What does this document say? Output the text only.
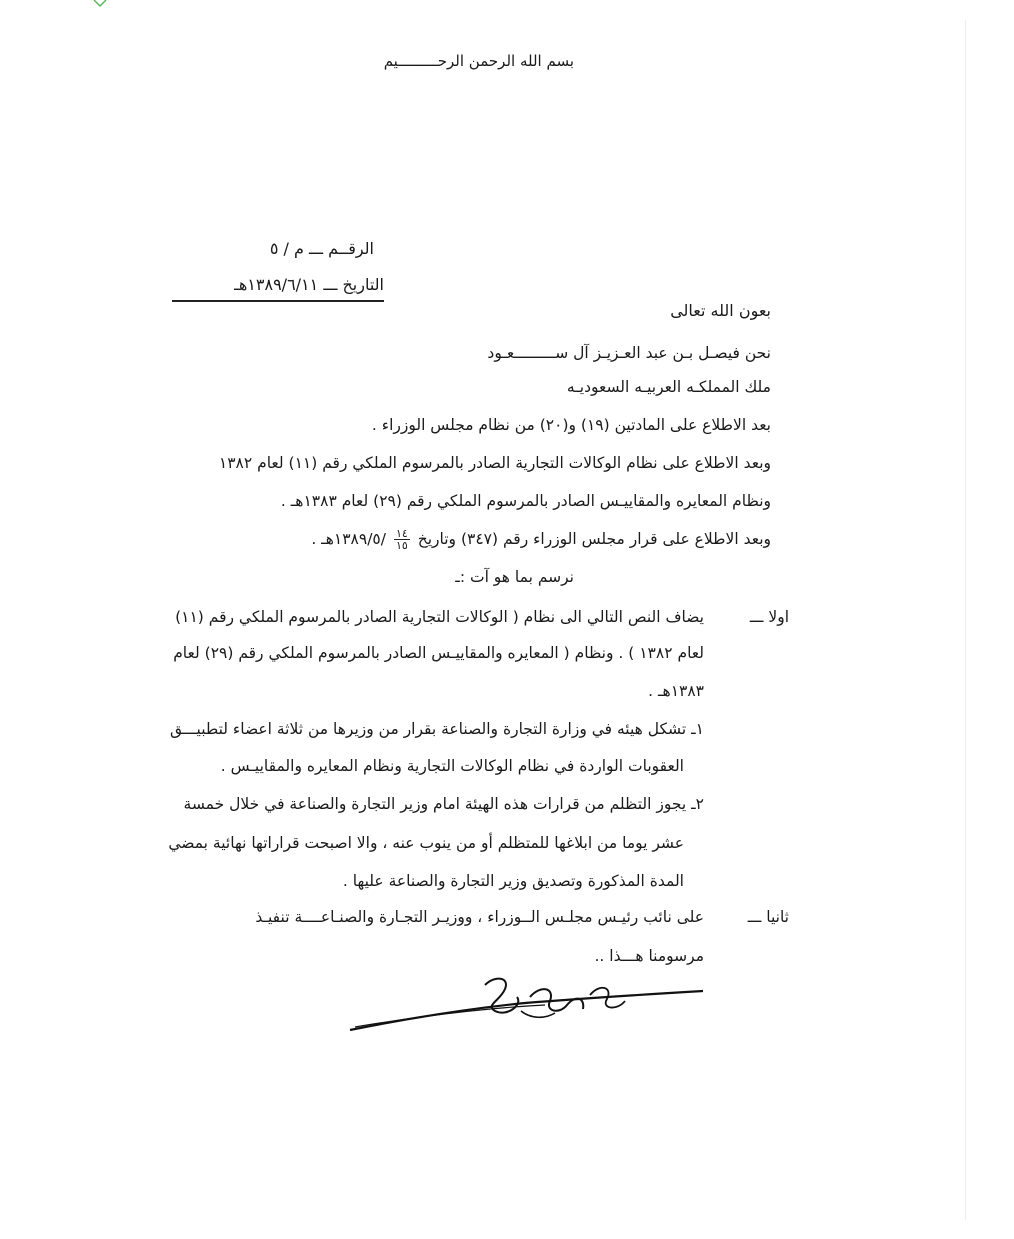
بسم الله الرحمن الرحـــــــــيم
الرقــم ـــ م / ٥
التاريخ ـــ ١٣٨٩/٦/١١هـ
بعون الله تعالى
نحن فيصـل بـن عبد العـزيـز آل ســـــــــعـود
ملك المملكـه العربيـه السعوديـه
بعد الاطلاع على المادتين (١٩) و(٢٠) من نظام مجلس الوزراء .
وبعد الاطلاع على نظام الوكالات التجارية الصادر بالمرسوم الملكي رقم (١١) لعام ١٣٨٢
ونظام المعايره والمقاييـس الصادر بالمرسوم الملكي رقم (٢٩) لعام ١٣٨٣هـ .
وبعد الاطلاع على قرار مجلس الوزراء رقم (٣٤٧) وتاريخ
$\frac{١٤}{١٥}$
/١٣٨٩/٥هـ .
نرسم بما هو آت :ـ
اولا ـــ
يضاف النص التالي الى نظام ( الوكالات التجارية الصادر بالمرسوم الملكي رقم (١١)
لعام ١٣٨٢ ) . ونظام ( المعايره والمقاييـس الصادر بالمرسوم الملكي رقم (٢٩) لعام
١٣٨٣هـ .
١ـ تشكل هيئه في وزارة التجارة والصناعة بقرار من وزيرها من ثلاثة اعضاء لتطبيـــق
العقوبات الواردة في نظام الوكالات التجارية ونظام المعايره والمقاييـس .
٢ـ يجوز التظلم من قرارات هذه الهيئة امام وزير التجارة والصناعة في خلال خمسة
عشر يوما من ابلاغها للمتظلم أو من ينوب عنه ، والا اصبحت قراراتها نهائية بمضي
المدة المذكورة وتصديق وزير التجارة والصناعة عليها .
ثانيا ـــ
على نائب رئيـس مجلـس الــوزراء ، ووزيـر التجـارة والصنـاعــــة تنفيـذ
مرسومنا هـــذا ..
